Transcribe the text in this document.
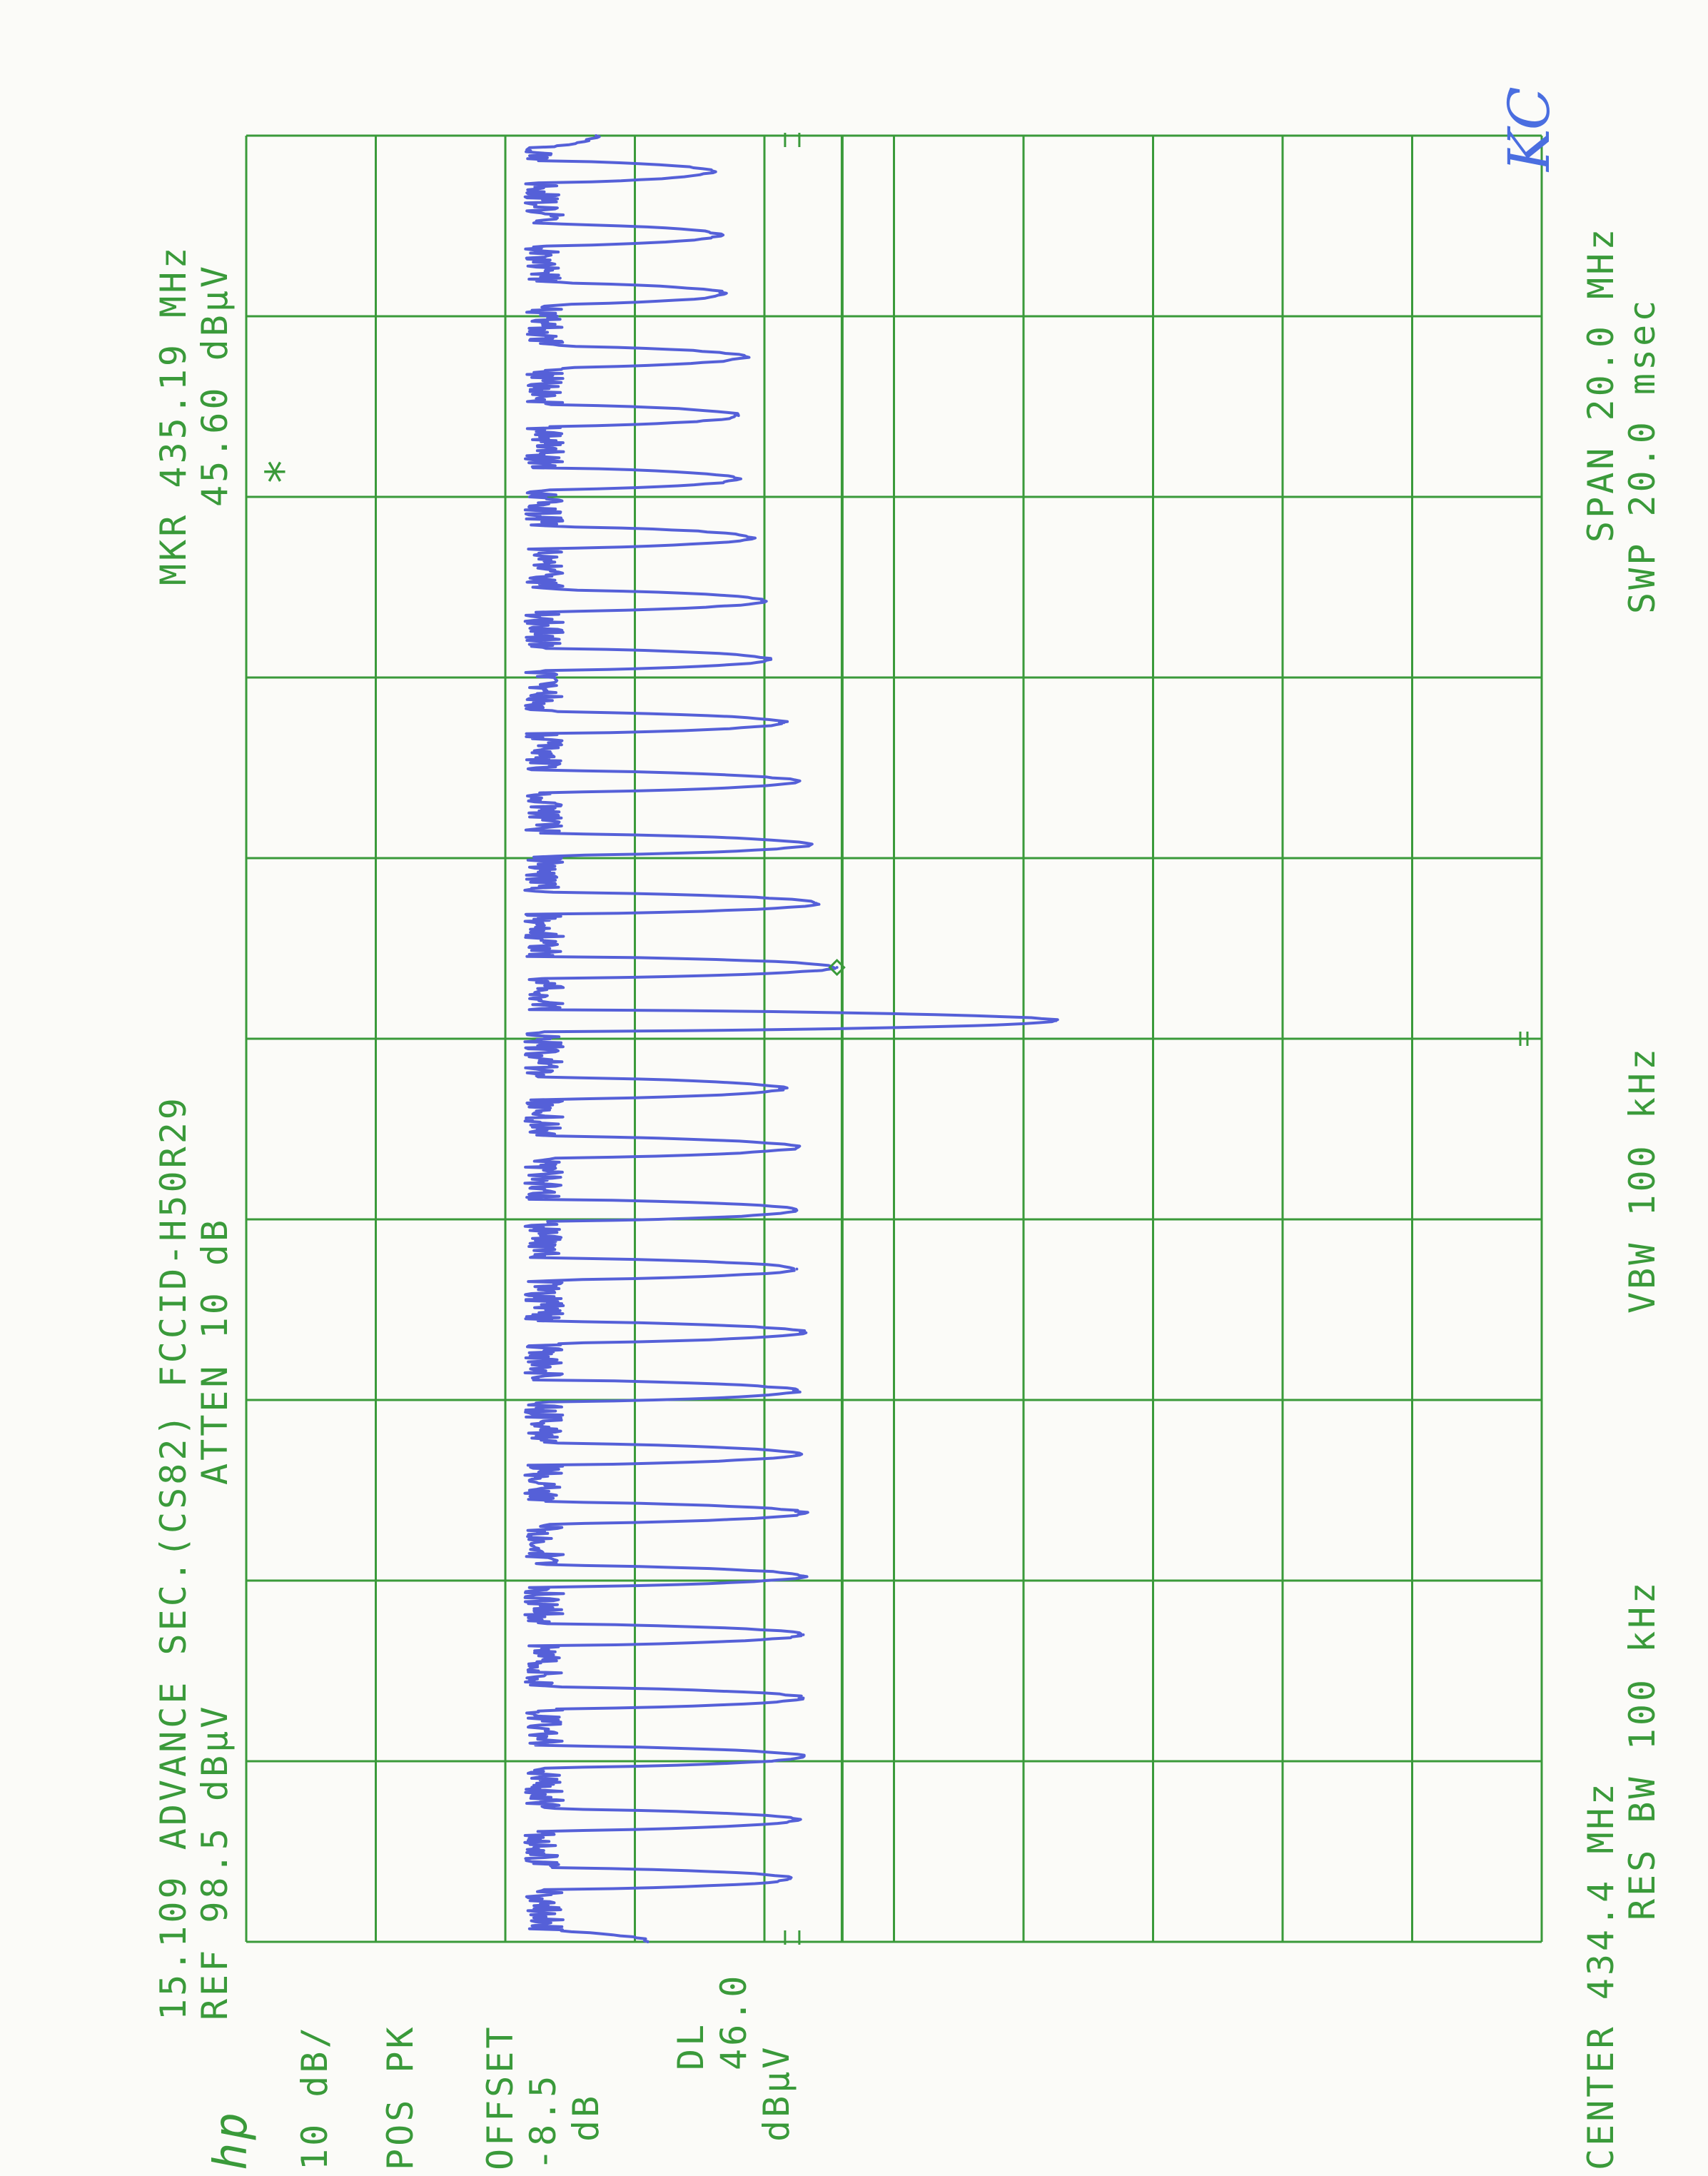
15.109 ADVANCE SEC.(CS82) FCCID-H50R29 REF 98.5 dBµV
ATTEN 10 dB
MKR 435.19 MHz 45.60 dBµV
CENTER 434.4 MHz
RES BW 100 kHz
VBW 100 kHz
SPAN 20.0 MHz SWP 20.0 msec
hp 10 dB/ POS PK OFFSET -8.5 dB
DL 46.0
dBµV
*
KC
